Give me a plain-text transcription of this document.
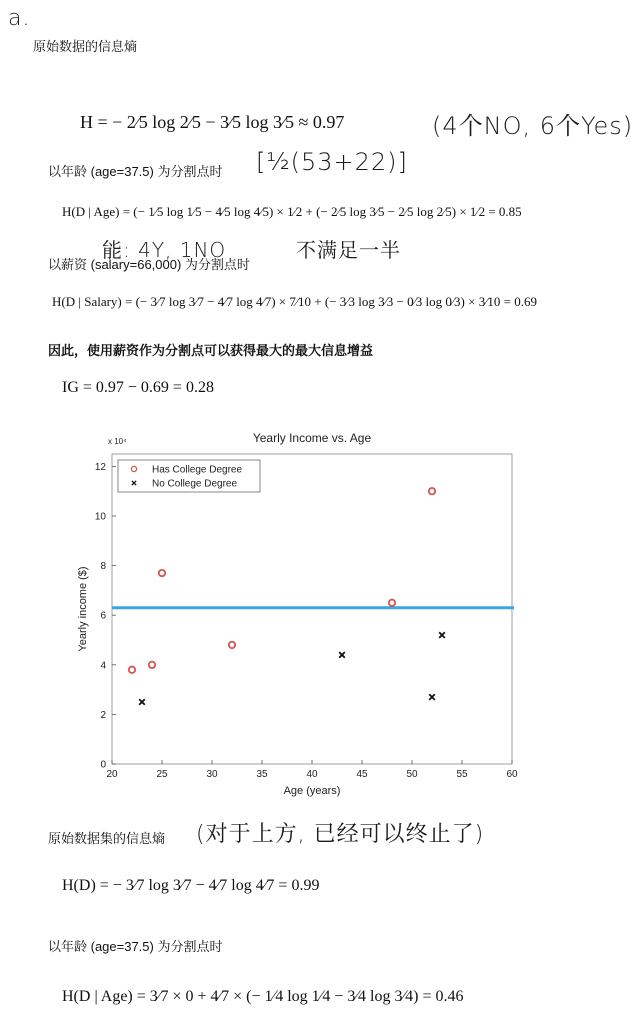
a.
原始数据的信息熵
H = − 2⁄5 log 2⁄5 − 3⁄5 log 3⁄5 ≈ 0.97	(4个NO, 6个Yes)
以年龄 (age=37.5) 为分割点时 [½(53+22)]
H(D | Age) = (− 1⁄5 log 1⁄5 − 4⁄5 log 4⁄5) × 1⁄2 + (− 2⁄5 log 3⁄5 − 2⁄5 log 2⁄5) × 1⁄2 = 0.85
能: 4Y, 1NO	不满足一半
以薪资 (salary=66,000) 为分割点时
H(D | Salary) = (− 3⁄7 log 3⁄7 − 4⁄7 log 4⁄7) × 7⁄10 + (− 3⁄3 log 3⁄3 − 0⁄3 log 0⁄3) × 3⁄10 = 0.69
因此，使用薪资作为分割点可以获得最大的最大信息增益
IG = 0.97 − 0.69 = 0.28
Yearly Income vs. Age
x 10⁴
20	25	30	35	40	45	50	55	60
0
2
4
6
8
10
12
Age (years)
Yearly income ($)
Has College Degree
No College Degree
原始数据集的信息熵 (对于上方, 已经可以终止了)
H(D) = − 3⁄7 log 3⁄7 − 4⁄7 log 4⁄7 = 0.99
以年龄 (age=37.5) 为分割点时
H(D | Age) = 3⁄7 × 0 + 4⁄7 × (− 1⁄4 log 1⁄4 − 3⁄4 log 3⁄4) = 0.46
